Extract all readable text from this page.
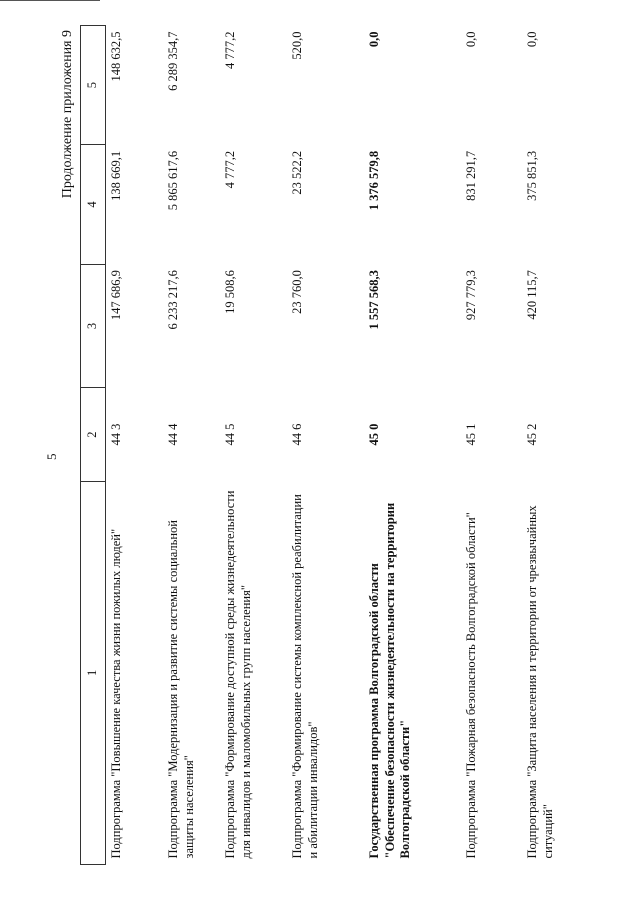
5
Продолжение приложения 9
1	2	3	4	5
Подпрограмма "Повышение качества жизни пожилых людей"	44 3	147 686,9	138 669,1	148 632,5
Подпрограмма "Модернизация и развитие системы социальной защиты населения"	44 4	6 233 217,6	5 865 617,6	6 289 354,7
Подпрограмма "Формирование доступной среды жизнедеятельности для инвалидов и маломобильных групп населения"	44 5	19 508,6	4 777,2	4 777,2
Подпрограмма "Формирование системы комплексной реабилитации и абилитации инвалидов"	44 6	23 760,0	23 522,2	520,0
Государственная программа Волгоградской области "Обеспечение безопасности жизнедеятельности на территории Волгоградской области"	45 0	1 557 568,3	1 376 579,8	0,0
Подпрограмма "Пожарная безопасность Волгоградской области"	45 1	927 779,3	831 291,7	0,0
Подпрограмма "Защита населения и территории от чрезвычайных ситуаций"	45 2	420 115,7	375 851,3	0,0
